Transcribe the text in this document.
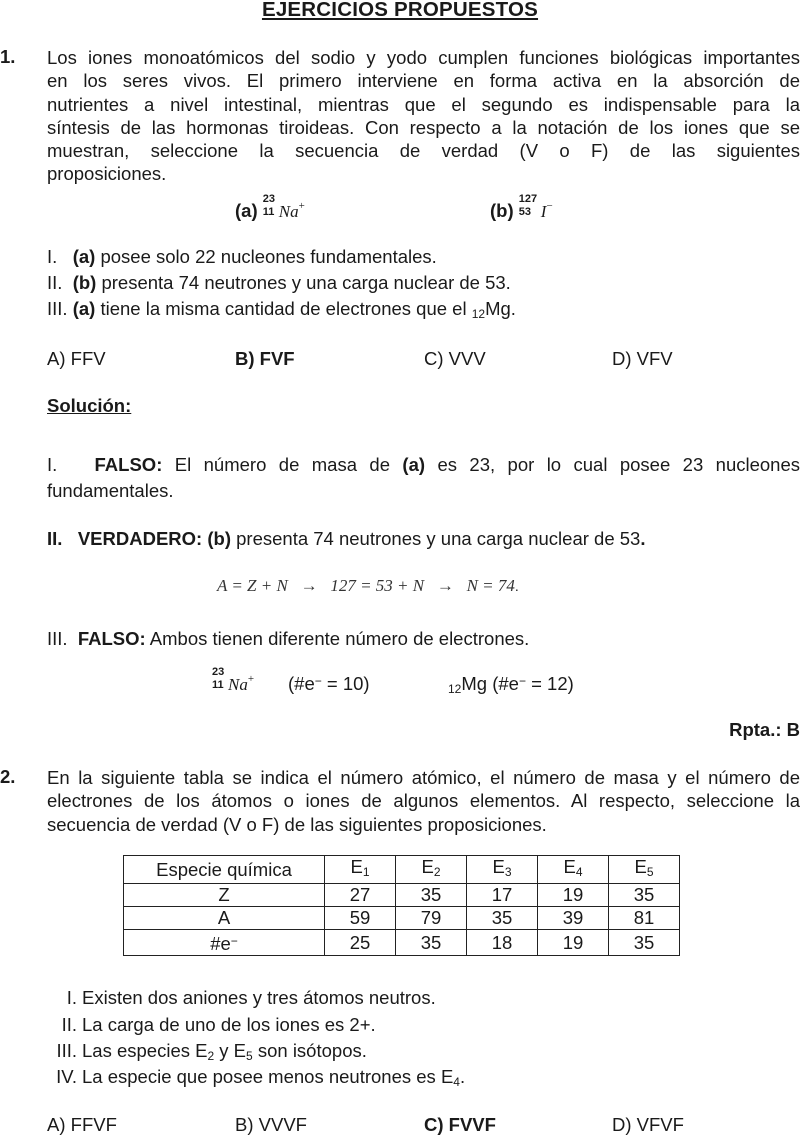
EJERCICIOS PROPUESTOS
1. Los iones monoatómicos del sodio y yodo cumplen funciones biológicas importantes
en los seres vivos. El primero interviene en forma activa en la absorción de
nutrientes a nivel intestinal, mientras que el segundo es indispensable para la
síntesis de las hormonas tiroideas. Con respecto a la notación de los iones que se
muestran, seleccione la secuencia de verdad (V o F) de las siguientes
proposiciones.
(a)
23
11 Na+	(b)
127
53 I−
I. (a) posee solo 22 nucleones fundamentales.
II. (b) presenta 74 neutrones y una carga nuclear de 53.
III. (a) tiene la misma cantidad de electrones que el $_{12}$Mg.
A) FFV	B) FVF	C) VVV	D) VFV
Solución:
I. FALSO: El número de masa de (a) es 23, por lo cual posee 23 nucleones
fundamentales.
II. VERDADERO: (b) presenta 74 neutrones y una carga nuclear de 53.
A = Z + N   →   127 = 53 + N   →   N = 74.
III. FALSO: Ambos tienen diferente número de electrones.
23
11 Na+ (#e− = 10)	$_{12}$Mg (#e− = 12)
Rpta.: B
2. En la siguiente tabla se indica el número atómico, el número de masa y el número de
electrones de los átomos o iones de algunos elementos. Al respecto, seleccione la
secuencia de verdad (V o F) de las siguientes proposiciones.
Especie química	$E_1$	$E_2$	$E_3$	$E_4$	$E_5$
Z	27	35	17	19	35
A	59	79	35	39	81
#e−	25	35	18	19	35
I. Existen dos aniones y tres átomos neutros.
II. La carga de uno de los iones es 2+.
III. Las especies $E_2$ y $E_5$ son isótopos.
IV. La especie que posee menos neutrones es $E_4$.
A) FFVF	B) VVVF	C) FVVF	D) VFVF
